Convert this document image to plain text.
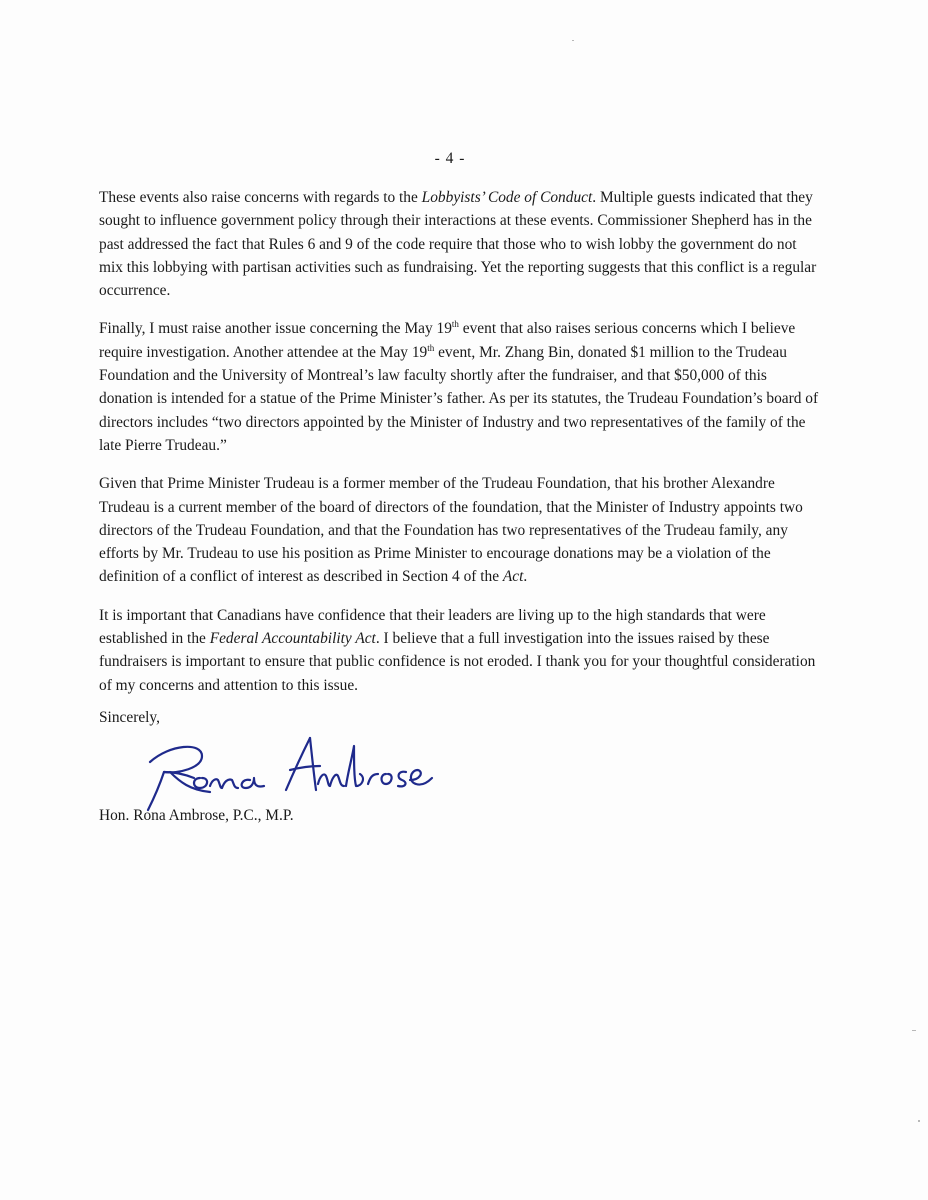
- 4 -

These events also raise concerns with regards to the Lobbyists’ Code of Conduct. Multiple guests indicated that they sought to influence government policy through their interactions at these events. Commissioner Shepherd has in the past addressed the fact that Rules 6 and 9 of the code require that those who to wish lobby the government do not mix this lobbying with partisan activities such as fundraising. Yet the reporting suggests that this conflict is a regular occurrence.

Finally, I must raise another issue concerning the May 19th event that also raises serious concerns which I believe require investigation. Another attendee at the May 19th event, Mr. Zhang Bin, donated $1 million to the Trudeau Foundation and the University of Montreal’s law faculty shortly after the fundraiser, and that $50,000 of this donation is intended for a statue of the Prime Minister’s father. As per its statutes, the Trudeau Foundation’s board of directors includes “two directors appointed by the Minister of Industry and two representatives of the family of the late Pierre Trudeau.”

Given that Prime Minister Trudeau is a former member of the Trudeau Foundation, that his brother Alexandre Trudeau is a current member of the board of directors of the foundation, that the Minister of Industry appoints two directors of the Trudeau Foundation, and that the Foundation has two representatives of the Trudeau family, any efforts by Mr. Trudeau to use his position as Prime Minister to encourage donations may be a violation of the definition of a conflict of interest as described in Section 4 of the Act.

It is important that Canadians have confidence that their leaders are living up to the high standards that were established in the Federal Accountability Act. I believe that a full investigation into the issues raised by these fundraisers is important to ensure that public confidence is not eroded. I thank you for your thoughtful consideration of my concerns and attention to this issue.

Sincerely,
Hon. Rona Ambrose, P.C., M.P.
